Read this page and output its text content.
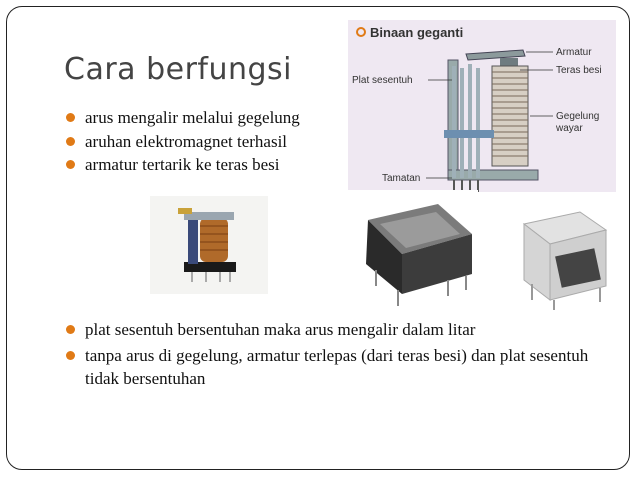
Cara berfungsi
arus mengalir melalui gegelung
aruhan elektromagnet terhasil
armatur tertarik ke teras besi
Binaan geganti
Armatur
Teras besi
Gegelung
wayar
Plat sesentuh
Tamatan
plat sesentuh bersentuhan maka arus mengalir dalam litar
tanpa arus di gegelung, armatur terlepas (dari teras besi) dan plat sesentuh tidak bersentuhan
